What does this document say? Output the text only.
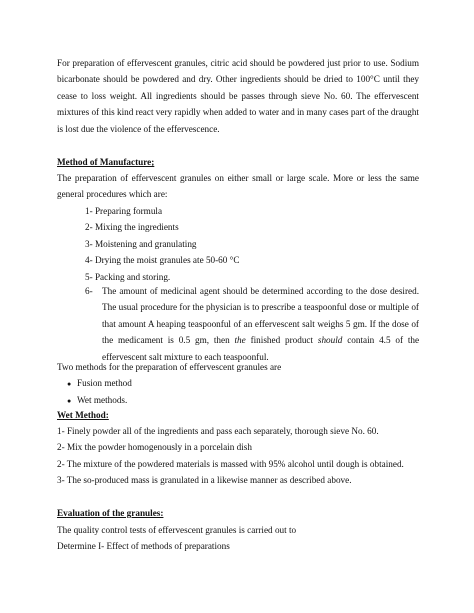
For preparation of effervescent granules, citric acid should be powdered just prior to use. Sodium bicarbonate should be powdered and dry. Other ingredients should be dried to 100°C until they cease to loss weight. All ingredients should be passes through sieve No. 60. The effervescent mixtures of this kind react very rapidly when added to water and in many cases part of the draught is lost due the violence of the effervescence.
Method of Manufacture;
The preparation of effervescent granules on either small or large scale. More or less the same general procedures which are:
1- Preparing formula
2- Mixing the ingredients
3- Moistening and granulating
4- Drying the moist granules ate 50-60 °C
5- Packing and storing.
6- The amount of medicinal agent should be determined according to the dose desired. The usual procedure for the physician is to prescribe a teaspoonful dose or multiple of that amount A heaping teaspoonful of an effervescent salt weighs 5 gm. If the dose of the medicament is 0.5 gm, then the finished product should contain 4.5 of the effervescent salt mixture to each teaspoonful.
Two methods for the preparation of effervescent granules are
● Fusion method
● Wet methods.
Wet Method:
1- Finely powder all of the ingredients and pass each separately, thorough sieve No. 60.
2- Mix the powder homogenously in a porcelain dish
2- The mixture of the powdered materials is massed with 95% alcohol until dough is obtained.
3- The so-produced mass is granulated in a likewise manner as described above.
Evaluation of the granules:
The quality control tests of effervescent granules is carried out to
Determine I- Effect of methods of preparations
